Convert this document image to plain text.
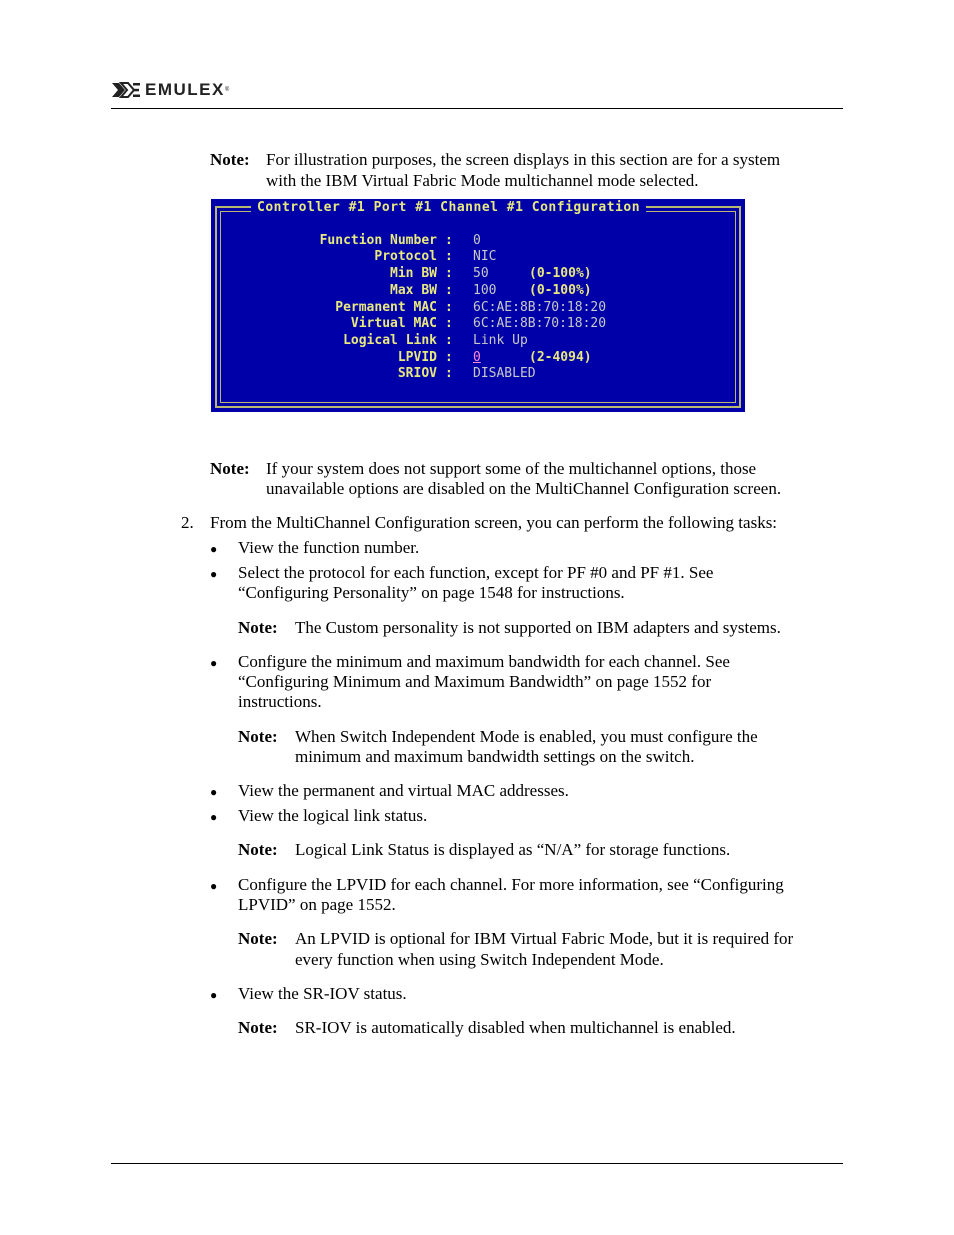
EMULEX ®
Note: For illustration purposes, the screen displays in this section are for a system
with the IBM Virtual Fabric Mode multichannel mode selected.
Controller #1 Port #1 Channel #1 Configuration
Function Number : 0
Protocol : NIC
Min BW : 50	(0-100%)
Max BW : 100	(0-100%)
Permanent MAC : 6C:AE:8B:70:18:20
Virtual MAC : 6C:AE:8B:70:18:20
Logical Link : Link Up
LPVID : 0	(2-4094)
SRIOV : DISABLED
Note: If your system does not support some of the multichannel options, those
unavailable options are disabled on the MultiChannel Configuration screen.
2. From the MultiChannel Configuration screen, you can perform the following tasks:
● View the function number.
● Select the protocol for each function, except for PF #0 and PF #1. See
“Configuring Personality” on page 1548 for instructions.
Note: The Custom personality is not supported on IBM adapters and systems.
● Configure the minimum and maximum bandwidth for each channel. See
“Configuring Minimum and Maximum Bandwidth” on page 1552 for
instructions.
Note: When Switch Independent Mode is enabled, you must configure the
minimum and maximum bandwidth settings on the switch.
● View the permanent and virtual MAC addresses.
● View the logical link status.
Note: Logical Link Status is displayed as “N/A” for storage functions.
● Configure the LPVID for each channel. For more information, see “Configuring
LPVID” on page 1552.
Note: An LPVID is optional for IBM Virtual Fabric Mode, but it is required for
every function when using Switch Independent Mode.
● View the SR-IOV status.
Note: SR-IOV is automatically disabled when multichannel is enabled.
